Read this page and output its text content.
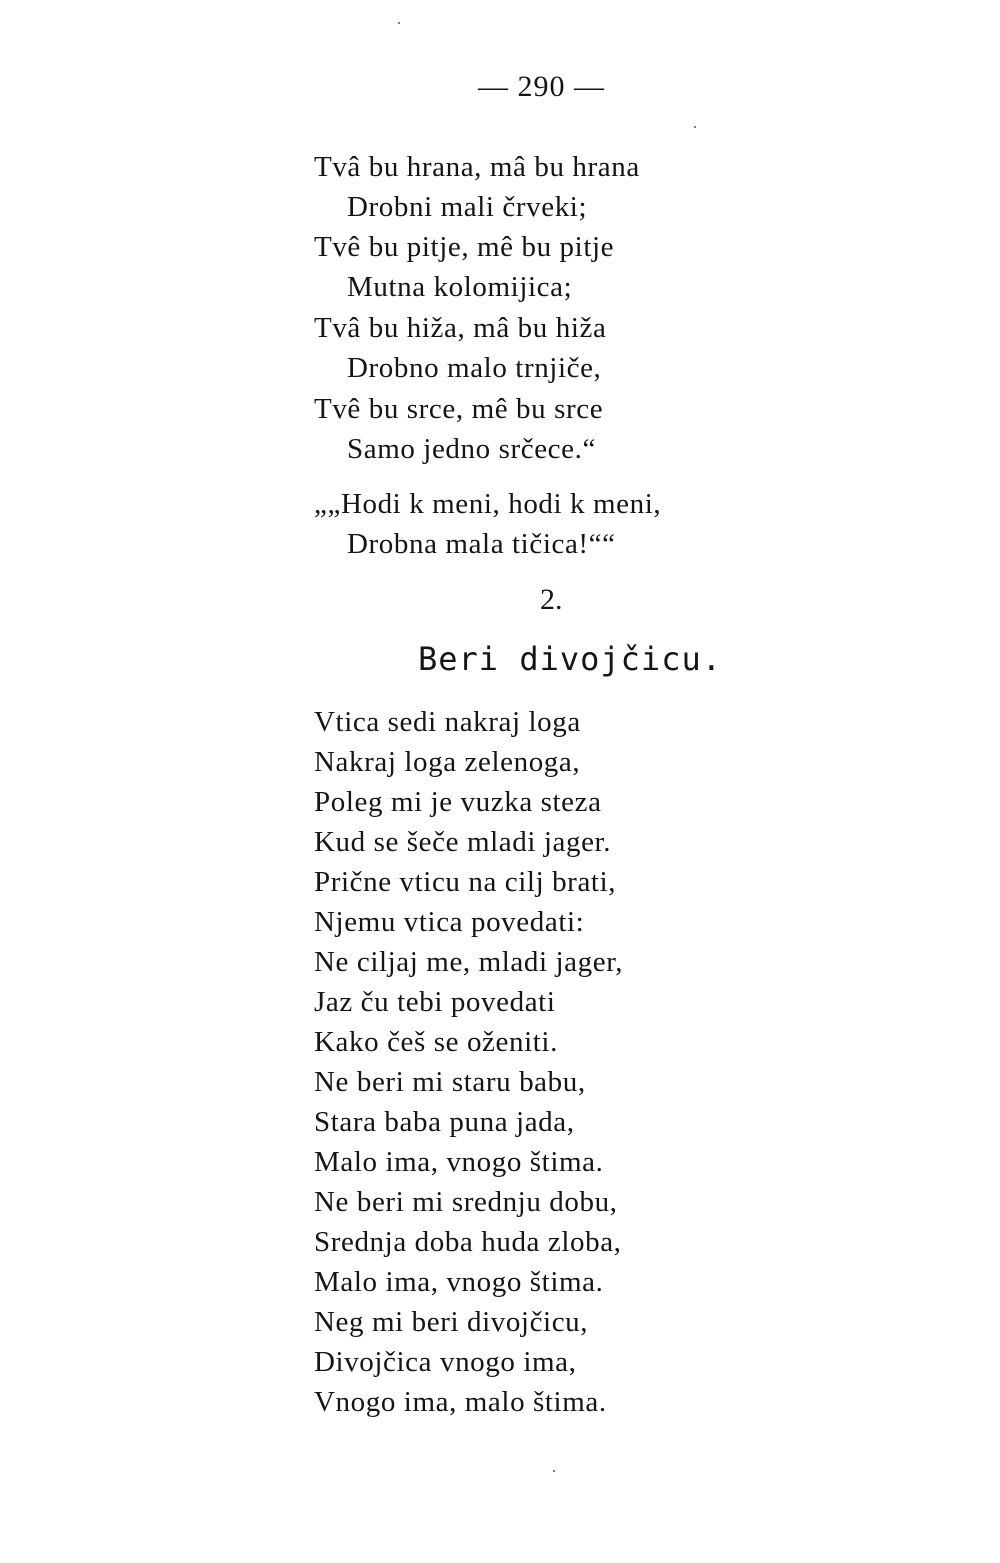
— 290 —
Tvâ bu hrana, mâ bu hrana
Drobni mali črveki;
Tvê bu pitje, mê bu pitje
Mutna kolomijica;
Tvâ bu hiža, mâ bu hiža
Drobno malo trnjiče,
Tvê bu srce, mê bu srce
Samo jedno srčece.“
„„Hodi k meni, hodi k meni,
Drobna mala tičica!““
2.
Beri divojčicu.
Vtica sedi nakraj loga
Nakraj loga zelenoga,
Poleg mi je vuzka steza
Kud se šeče mladi jager.
Prične vticu na cilj brati,
Njemu vtica povedati:
Ne ciljaj me, mladi jager,
Jaz ču tebi povedati
Kako češ se oženiti.
Ne beri mi staru babu,
Stara baba puna jada,
Malo ima, vnogo štima.
Ne beri mi srednju dobu,
Srednja doba huda zloba,
Malo ima, vnogo štima.
Neg mi beri divojčicu,
Divojčica vnogo ima,
Vnogo ima, malo štima.
